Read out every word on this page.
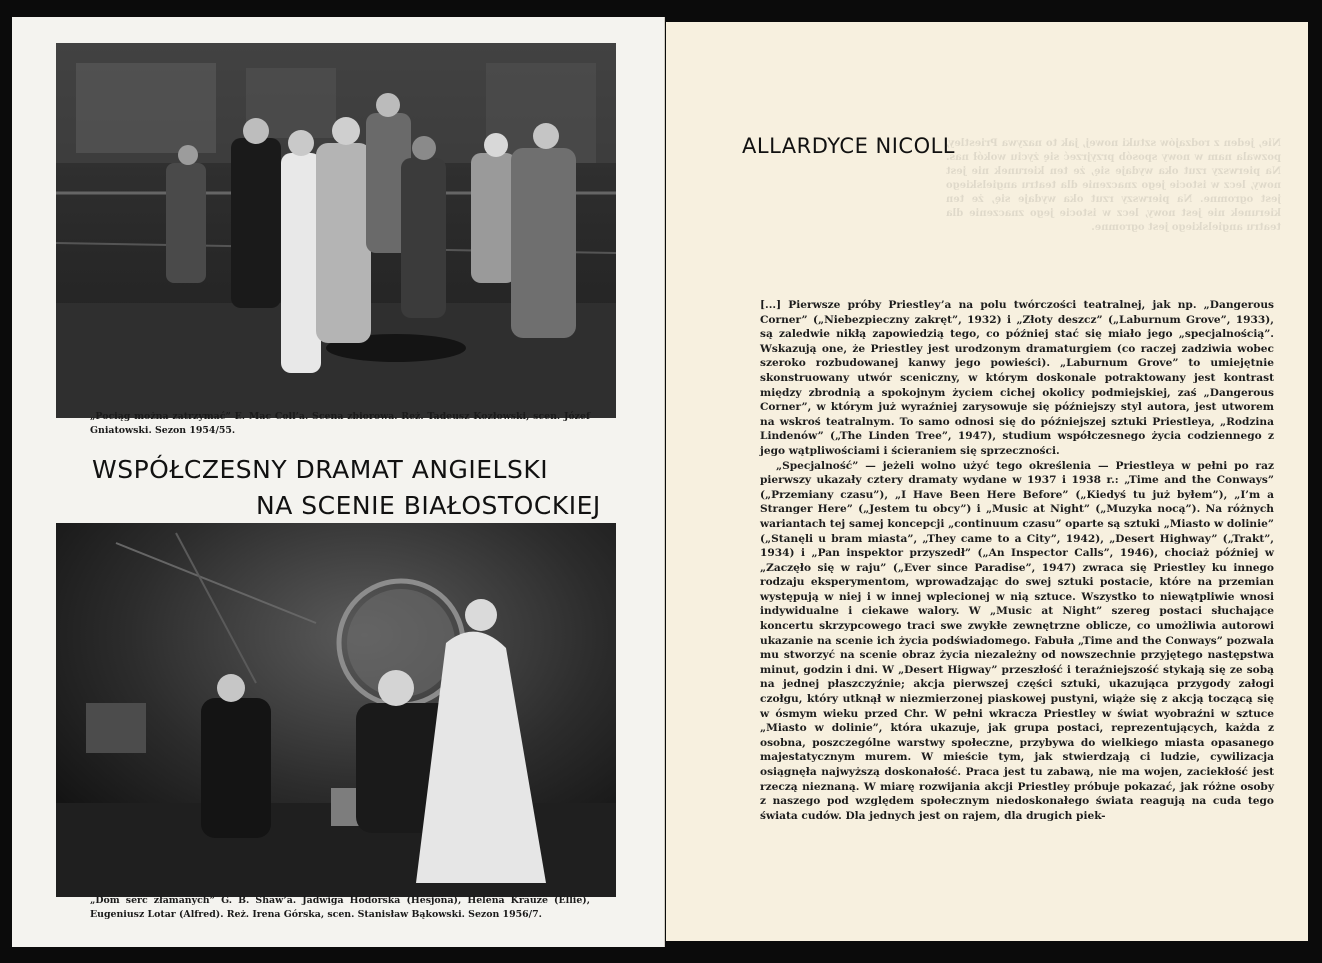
„Pociąg można zatrzymać” E. Mac Coll’a. Scena zbiorowa. Reż. Tadeusz Kozłowski, scen. Józef Gniatowski. Sezon 1954/55.
WSPÓŁCZESNY DRAMAT ANGIELSKI
NA SCENIE BIAŁOSTOCKIEJ
„Dom serc złamanych” G. B. Shaw’a. Jadwiga Hodorska (Hesjona), Helena Krauze (Ellie), Eugeniusz Lotar (Alfred). Reż. Irena Górska, scen. Stanisław Bąkowski. Sezon 1956/7.
Nie, jeden z rodzajów sztuki nowej, jak to nazywa Priestley, pozwala nam w nowy sposób przyjrzeć się życiu wokół nas. Na pierwszy rzut oka wydaje się, że ten kierunek nie jest nowy, lecz w istocie jego znaczenie dla teatru angielskiego jest ogromne. Na pierwszy rzut oka wydaje się, że ten kierunek nie jest nowy, lecz w istocie jego znaczenie dla teatru angielskiego jest ogromne.
ALLARDYCE NICOLL

[...] Pierwsze próby Priestley’a na polu twórczości teatralnej, jak np. „Dangerous Corner” („Niebezpieczny zakręt”, 1932) i „Złoty deszcz” („Laburnum Grove”, 1933), są zaledwie nikłą zapowiedzią tego, co później stać się miało jego „specjalnością”. Wskazują one, że Priestley jest urodzonym dramaturgiem (co raczej zadziwia wobec szeroko rozbudowanej kanwy jego powieści). „Laburnum Grove” to umiejętnie skonstruowany utwór sceniczny, w którym doskonale potraktowany jest kontrast między zbrodnią a spokojnym życiem cichej okolicy podmiejskiej, zaś „Dangerous Corner”, w którym już wyraźniej zarysowuje się późniejszy styl autora, jest utworem na wskroś teatralnym. To samo odnosi się do późniejszej sztuki Priestleya, „Rodzina Lindenów” („The Linden Tree”, 1947), studium współczesnego życia codziennego z jego wątpliwościami i ścieraniem się sprzeczności.

„Specjalność” — jeżeli wolno użyć tego określenia — Priestleya w pełni po raz pierwszy ukazały cztery dramaty wydane w 1937 i 1938 r.: „Time and the Conways” („Przemiany czasu”), „I Have Been Here Before” („Kiedyś tu już byłem”), „I’m a Stranger Here” („Jestem tu obcy”) i „Music at Night” („Muzyka nocą”). Na różnych wariantach tej samej koncepcji „continuum czasu” oparte są sztuki „Miasto w dolinie” („Stanęli u bram miasta”, „They came to a City”, 1942), „Desert Highway” („Trakt”, 1934) i „Pan inspektor przyszedł” („An Inspector Calls”, 1946), chociaż później w „Zaczęło się w raju” („Ever since Paradise”, 1947) zwraca się Priestley ku innego rodzaju eksperymentom, wprowadzając do swej sztuki postacie, które na przemian występują w niej i w innej wplecionej w nią sztuce. Wszystko to niewątpliwie wnosi indywidualne i ciekawe walory. W „Music at Night” szereg postaci słuchające koncertu skrzypcowego traci swe zwykłe zewnętrzne oblicze, co umożliwia autorowi ukazanie na scenie ich życia podświadomego. Fabuła „Time and the Conways” pozwala mu stworzyć na scenie obraz życia niezależny od nowszechnie przyjętego następstwa minut, godzin i dni. W „Desert Higway” przeszłość i teraźniejszość stykają się ze sobą na jednej płaszczyźnie; akcja pierwszej części sztuki, ukazująca przygody załogi czołgu, który utknął w niezmierzonej piaskowej pustyni, wiąże się z akcją toczącą się w ósmym wieku przed Chr. W pełni wkracza Priestley w świat wyobraźni w sztuce „Miasto w dolinie”, która ukazuje, jak grupa postaci, reprezentujących, każda z osobna, poszczególne warstwy społeczne, przybywa do wielkiego miasta opasanego majestatycznym murem. W mieście tym, jak stwierdzają ci ludzie, cywilizacja osiągnęła najwyższą doskonałość. Praca jest tu zabawą, nie ma wojen, zaciekłość jest rzeczą nieznaną. W miarę rozwijania akcji Priestley próbuje pokazać, jak różne osoby z naszego pod względem społecznym niedoskonałego świata reagują na cuda tego świata cudów. Dla jednych jest on rajem, dla drugich piek-
